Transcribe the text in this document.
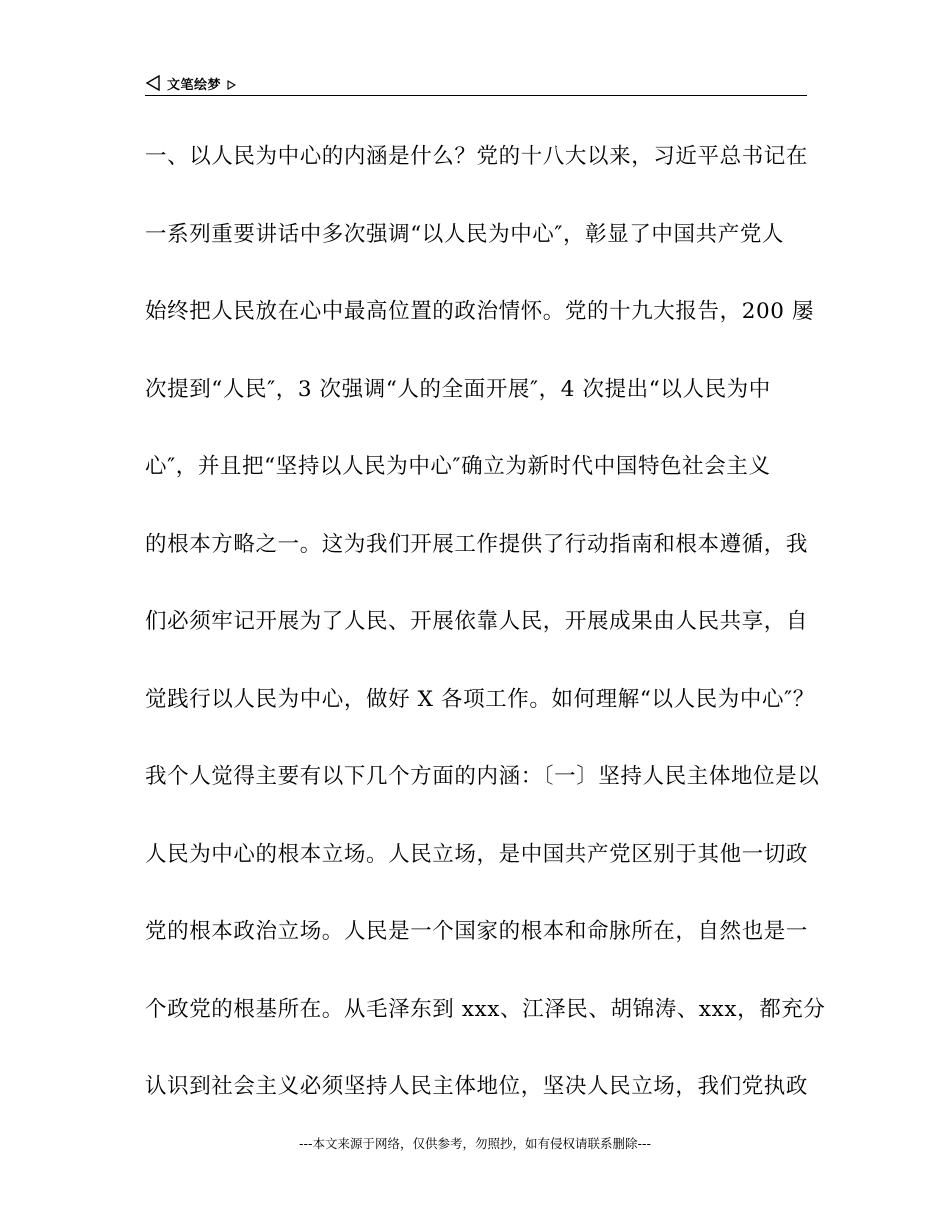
文笔绘梦
一、以人民为中心的内涵是什么？党的十八大以来，习近平总书记在
一系列重要讲话中多次强调“以人民为中心″，彰显了中国共产党人
始终把人民放在心中最高位置的政治情怀。党的十九大报告，200 屡
次提到“人民″，3 次强调“人的全面开展″，4 次提出“以人民为中
心″，并且把“坚持以人民为中心″确立为新时代中国特色社会主义
的根本方略之一。这为我们开展工作提供了行动指南和根本遵循，我
们必须牢记开展为了人民、开展依靠人民，开展成果由人民共享，自
觉践行以人民为中心，做好 X 各项工作。如何理解“以人民为中心″？
我个人觉得主要有以下几个方面的内涵：〔一〕坚持人民主体地位是以
人民为中心的根本立场。人民立场，是中国共产党区别于其他一切政
党的根本政治立场。人民是一个国家的根本和命脉所在，自然也是一
个政党的根基所在。从毛泽东到 xxx、江泽民、胡锦涛、xxx，都充分
认识到社会主义必须坚持人民主体地位，坚决人民立场，我们党执政
---本文来源于网络，仅供参考，勿照抄，如有侵权请联系删除---
